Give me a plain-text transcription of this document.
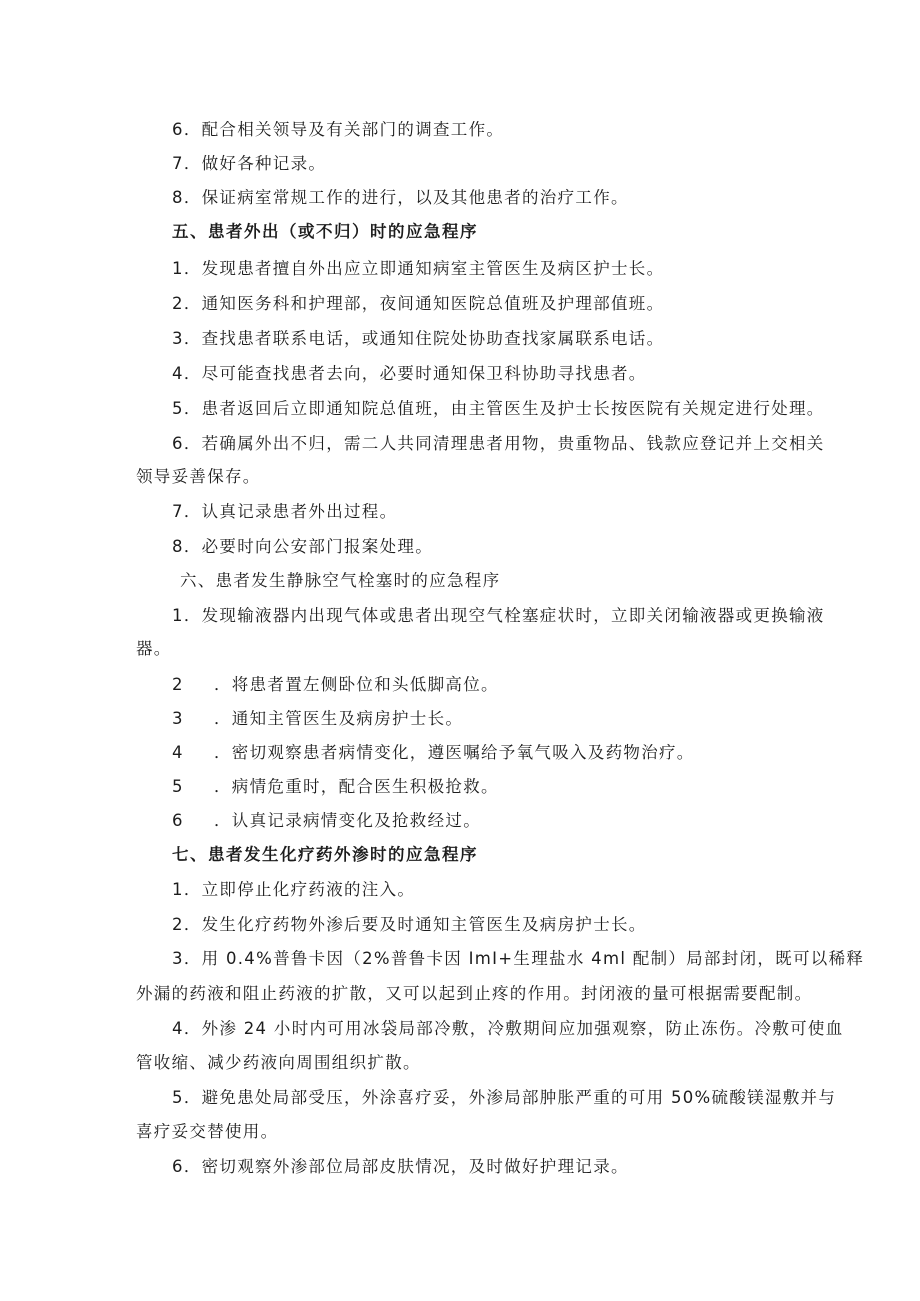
6．配合相关领导及有关部门的调查工作。
7．做好各种记录。
8．保证病室常规工作的进行，以及其他患者的治疗工作。
五、患者外出（或不归）时的应急程序
1．发现患者擅自外出应立即通知病室主管医生及病区护士长。
2．通知医务科和护理部，夜间通知医院总值班及护理部值班。
3．查找患者联系电话，或通知住院处协助查找家属联系电话。
4．尽可能查找患者去向，必要时通知保卫科协助寻找患者。
5．患者返回后立即通知院总值班，由主管医生及护士长按医院有关规定进行处理。
6．若确属外出不归，需二人共同清理患者用物，贵重物品、钱款应登记并上交相关
领导妥善保存。
7．认真记录患者外出过程。
8．必要时向公安部门报案处理。
六、患者发生静脉空气栓塞时的应急程序
1．发现输液器内出现气体或患者出现空气栓塞症状时，立即关闭输液器或更换输液
器。
2 ．将患者置左侧卧位和头低脚高位。
3 ．通知主管医生及病房护士长。
4 ．密切观察患者病情变化，遵医嘱给予氧气吸入及药物治疗。
5 ．病情危重时，配合医生积极抢救。
6 ．认真记录病情变化及抢救经过。
七、患者发生化疗药外渗时的应急程序
1．立即停止化疗药液的注入。
2．发生化疗药物外渗后要及时通知主管医生及病房护士长。
3．用 0.4%普鲁卡因（2%普鲁卡因 ImI+生理盐水 4ml 配制）局部封闭，既可以稀释
外漏的药液和阻止药液的扩散，又可以起到止疼的作用。封闭液的量可根据需要配制。
4．外渗 24 小时内可用冰袋局部冷敷，冷敷期间应加强观察，防止冻伤。冷敷可使血
管收缩、减少药液向周围组织扩散。
5．避免患处局部受压，外涂喜疗妥，外渗局部肿胀严重的可用 50%硫酸镁湿敷并与
喜疗妥交替使用。
6．密切观察外渗部位局部皮肤情况，及时做好护理记录。
